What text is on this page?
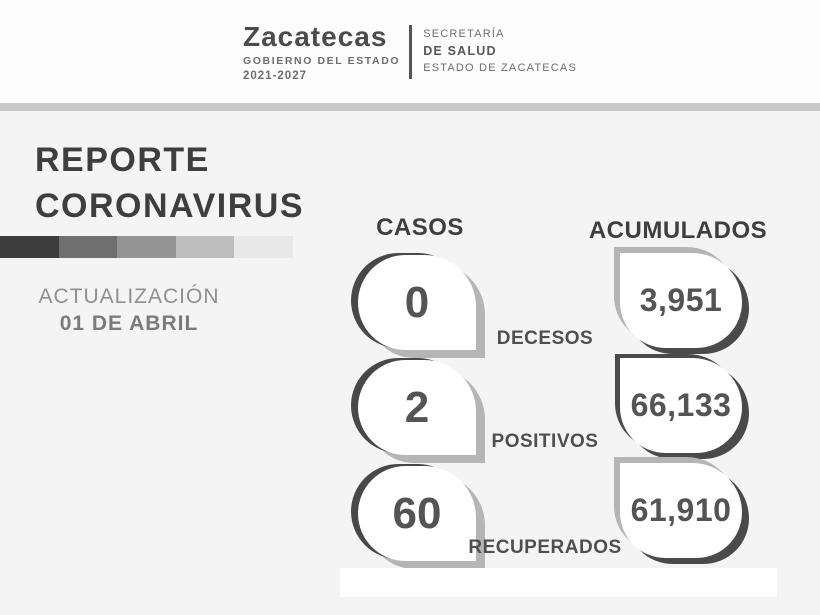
Zacatecas
GOBIERNO DEL ESTADO
2021-2027
SECRETARÍA
DE SALUD
ESTADO DE ZACATECAS
REPORTE
CORONAVIRUS
ACTUALIZACIÓN
01 DE ABRIL
CASOS	ACUMULADOS
0
DECESOS
3,951
2
POSITIVOS
66,133
60
RECUPERADOS
61,910
